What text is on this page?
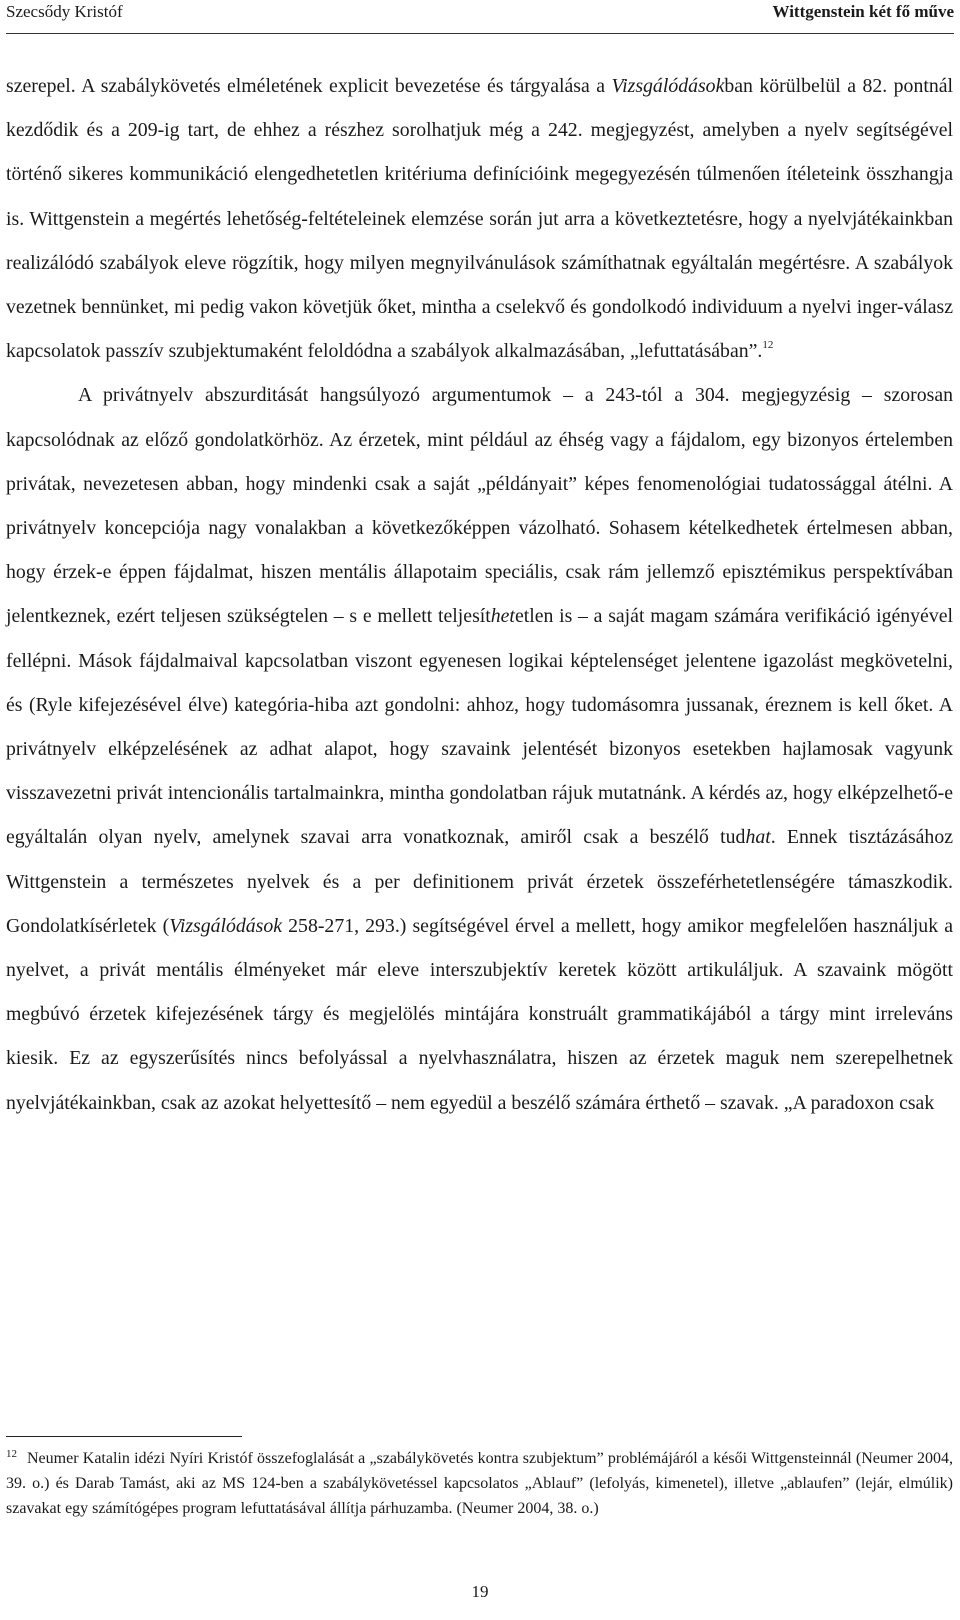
Szecsődy Kristóf	Wittgenstein két fő műve

szerepel. A szabálykövetés elméletének explicit bevezetése és tárgyalása a Vizsgálódásokban körülbelül a 82. pontnál kezdődik és a 209-ig tart, de ehhez a részhez sorolhatjuk még a 242. megjegyzést, amelyben a nyelv segítségével történő sikeres kommunikáció elengedhetetlen kritériuma definícióink megegyezésén túlmenően ítéleteink összhangja is. Wittgenstein a megértés lehetőség-feltételeinek elemzése során jut arra a következtetésre, hogy a nyelvjátékainkban realizálódó szabályok eleve rögzítik, hogy milyen megnyilvánulások számíthatnak egyáltalán megértésre. A szabályok vezetnek bennünket, mi pedig vakon követjük őket, mintha a cselekvő és gondolkodó individuum a nyelvi inger-válasz kapcsolatok passzív szubjektumaként feloldódna a szabályok alkalmazásában, „lefuttatásában”.$^{12}$

A privátnyelv abszurditását hangsúlyozó argumentumok – a 243-tól a 304. megjegyzésig – szorosan kapcsolódnak az előző gondolatkörhöz. Az érzetek, mint például az éhség vagy a fájdalom, egy bizonyos értelemben privátak, nevezetesen abban, hogy mindenki csak a saját „példányait” képes fenomenológiai tudatossággal átélni. A privátnyelv koncepciója nagy vonalakban a következőképpen vázolható. Sohasem kételkedhetek értelmesen abban, hogy érzek-e éppen fájdalmat, hiszen mentális állapotaim speciális, csak rám jellemző episztémikus perspektívában jelentkeznek, ezért teljesen szükségtelen – s e mellett teljesíthetetlen is – a saját magam számára verifikáció igényével fellépni. Mások fájdalmaival kapcsolatban viszont egyenesen logikai képtelenséget jelentene igazolást megkövetelni, és (Ryle kifejezésével élve) kategória-hiba azt gondolni: ahhoz, hogy tudomásomra jussanak, éreznem is kell őket. A privátnyelv elképzelésének az adhat alapot, hogy szavaink jelentését bizonyos esetekben hajlamosak vagyunk visszavezetni privát intencionális tartalmainkra, mintha gondolatban rájuk mutatnánk. A kérdés az, hogy elképzelhető-e egyáltalán olyan nyelv, amelynek szavai arra vonatkoznak, amiről csak a beszélő tudhat. Ennek tisztázásához Wittgenstein a természetes nyelvek és a per definitionem privát érzetek összeférhetetlenségére támaszkodik. Gondolatkísérletek (Vizsgálódások 258-271, 293.) segítségével érvel a mellett, hogy amikor megfelelően használjuk a nyelvet, a privát mentális élményeket már eleve interszubjektív keretek között artikuláljuk. A szavaink mögött megbúvó érzetek kifejezésének tárgy és megjelölés mintájára konstruált grammatikájából a tárgy mint irreleváns kiesik. Ez az egyszerűsítés nincs befolyással a nyelvhasználatra, hiszen az érzetek maguk nem szerepelhetnek nyelvjátékainkban, csak az azokat helyettesítő – nem egyedül a beszélő számára érthető – szavak. „A paradoxon csak

$^{12}$ Neumer Katalin idézi Nyíri Kristóf összefoglalását a „szabálykövetés kontra szubjektum” problémájáról a késői Wittgensteinnál (Neumer 2004, 39. o.) és Darab Tamást, aki az MS 124-ben a szabálykövetéssel kapcsolatos „Ablauf” (lefolyás, kimenetel), illetve „ablaufen” (lejár, elmúlik) szavakat egy számítógépes program lefuttatásával állítja párhuzamba. (Neumer 2004, 38. o.)
19
